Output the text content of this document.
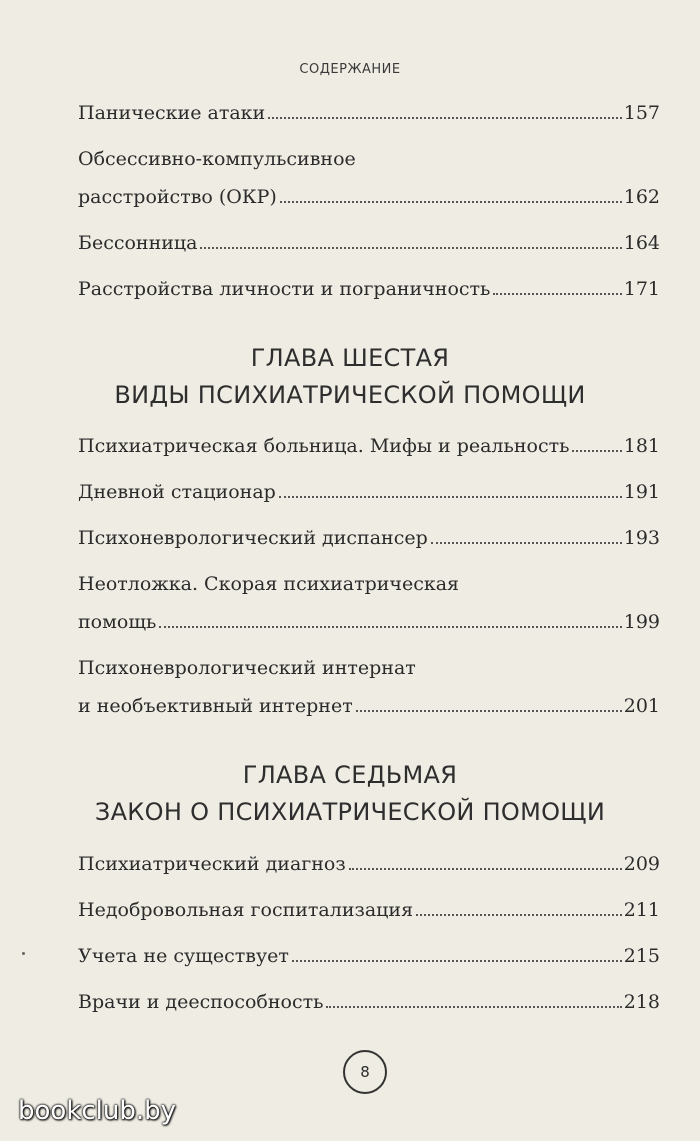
СОДЕРЖАНИЕ
Панические атаки	157
Обсессивно-компульсивное
расстройство (ОКР)	162
Бессонница	164
Расстройства личности и пограничность	171
ГЛАВА ШЕСТАЯ
ВИДЫ ПСИХИАТРИЧЕСКОЙ ПОМОЩИ
Психиатрическая больница. Мифы и реальность	181
Дневной стационар	191
Психоневрологический диспансер	193
Неотложка. Скорая психиатрическая
помощь	199
Психоневрологический интернат
и необъективный интернет	201
ГЛАВА СЕДЬМАЯ
ЗАКОН О ПСИХИАТРИЧЕСКОЙ ПОМОЩИ
Психиатрический диагноз	209
Недобровольная госпитализация	211
Учета не существует	215
Врачи и дееспособность	218
8
bookclub.by
